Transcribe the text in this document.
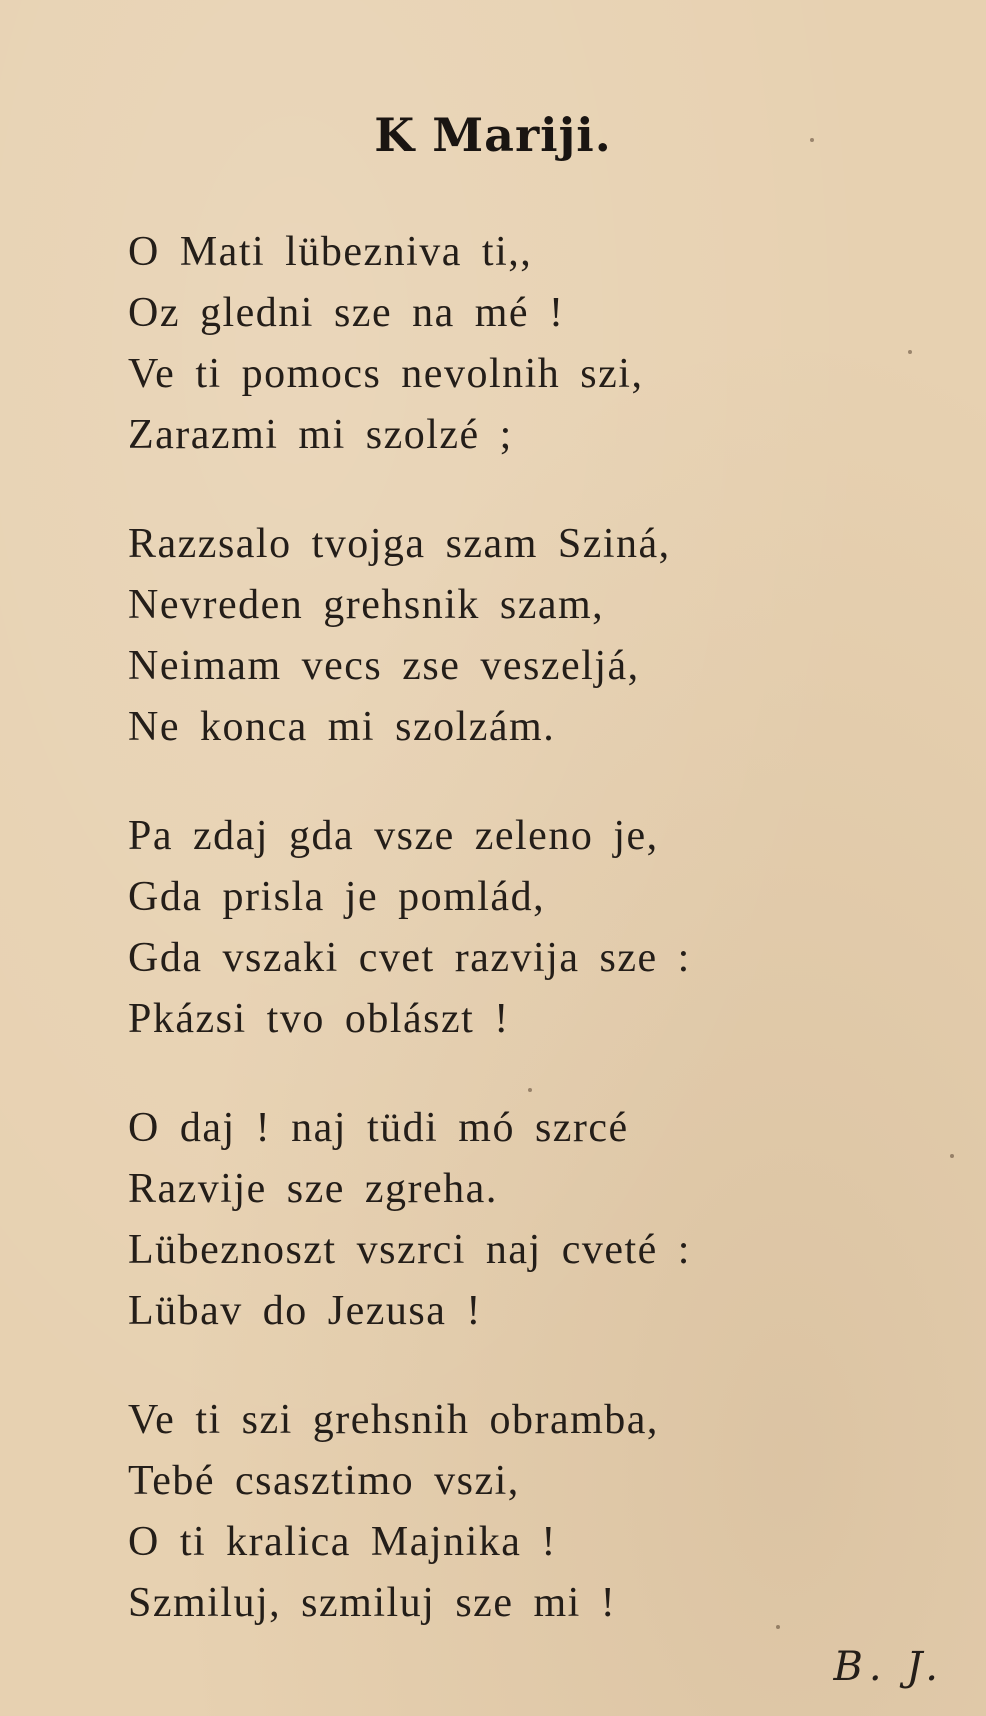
K Mariji.
O Mati lübezniva ti,,
Oz gledni sze na mé !
Ve ti pomocs nevolnih szi,
Zarazmi mi szolzé ;
Razzsalo tvojga szam Sziná,
Nevreden grehsnik szam,
Neimam vecs zse veszeljá,
Ne konca mi szolzám.
Pa zdaj gda vsze zeleno je,
Gda prisla je pomlád,
Gda vszaki cvet razvija sze :
Pkázsi tvo oblászt !
O daj ! naj tüdi mó szrcé
Razvije sze zgreha.
Lübeznoszt vszrci naj cveté :
Lübav do Jezusa !
Ve ti szi grehsnih obramba,
Tebé csasztimo vszi,
O ti kralica Majnika !
Szmiluj, szmiluj sze mi !
B. J.
